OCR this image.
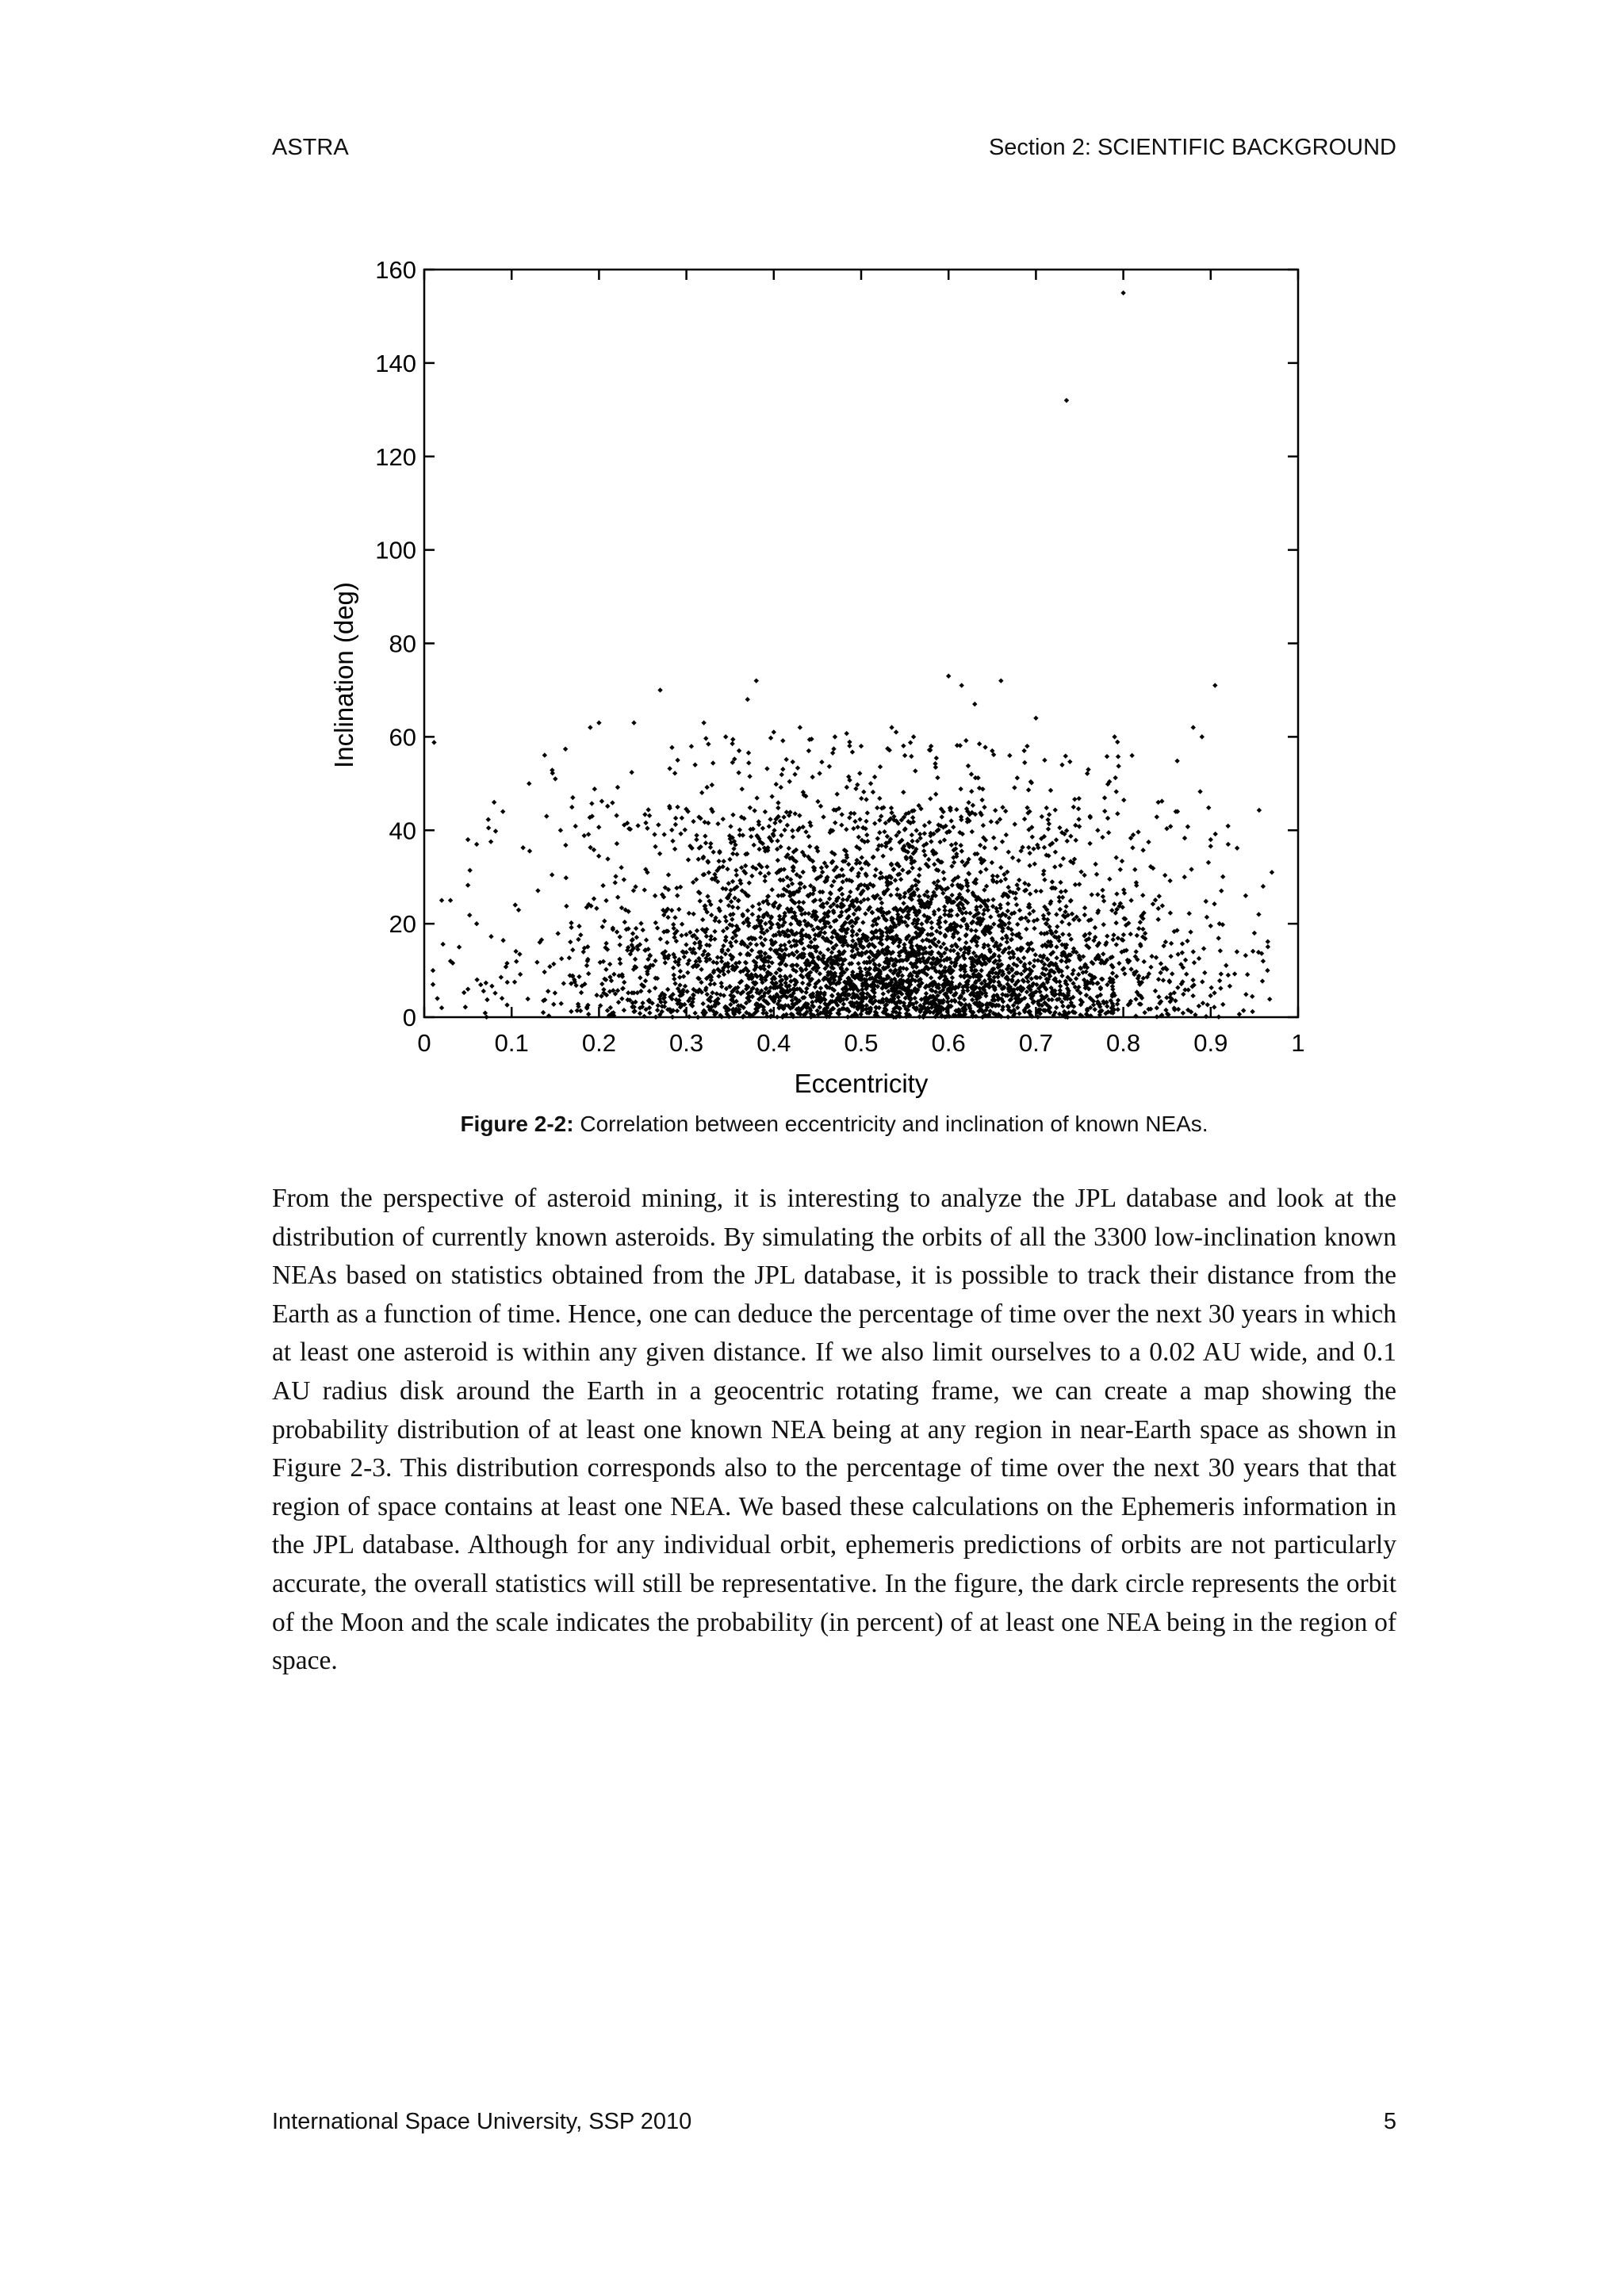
ASTRA	Section 2: SCIENTIFIC BACKGROUND
0	0.1 0.2 0.3 0.4 0.5 0.6 0.7 0.8 0.9	1
0
20
40
60
80
100
120
140
160
Eccentricity
Inclination (deg)
Figure 2-2: Correlation between eccentricity and inclination of known NEAs.
From the perspective of asteroid mining, it is interesting to analyze the JPL database and look at the distribution of currently known asteroids. By simulating the orbits of all the 3300 low-inclination known NEAs based on statistics obtained from the JPL database, it is possible to track their distance from the Earth as a function of time. Hence, one can deduce the percentage of time over the next 30 years in which at least one asteroid is within any given distance. If we also limit ourselves to a 0.02 AU wide, and 0.1 AU radius disk around the Earth in a geocentric rotating frame, we can create a map showing the probability distribution of at least one known NEA being at any region in near-Earth space as shown in Figure 2-3. This distribution corresponds also to the percentage of time over the next 30 years that that region of space contains at least one NEA. We based these calculations on the Ephemeris information in the JPL database. Although for any individual orbit, ephemeris predictions of orbits are not particularly accurate, the overall statistics will still be representative. In the figure, the dark circle represents the orbit of the Moon and the scale indicates the probability (in percent) of at least one NEA being in the region of space.
International Space University, SSP 2010	5
